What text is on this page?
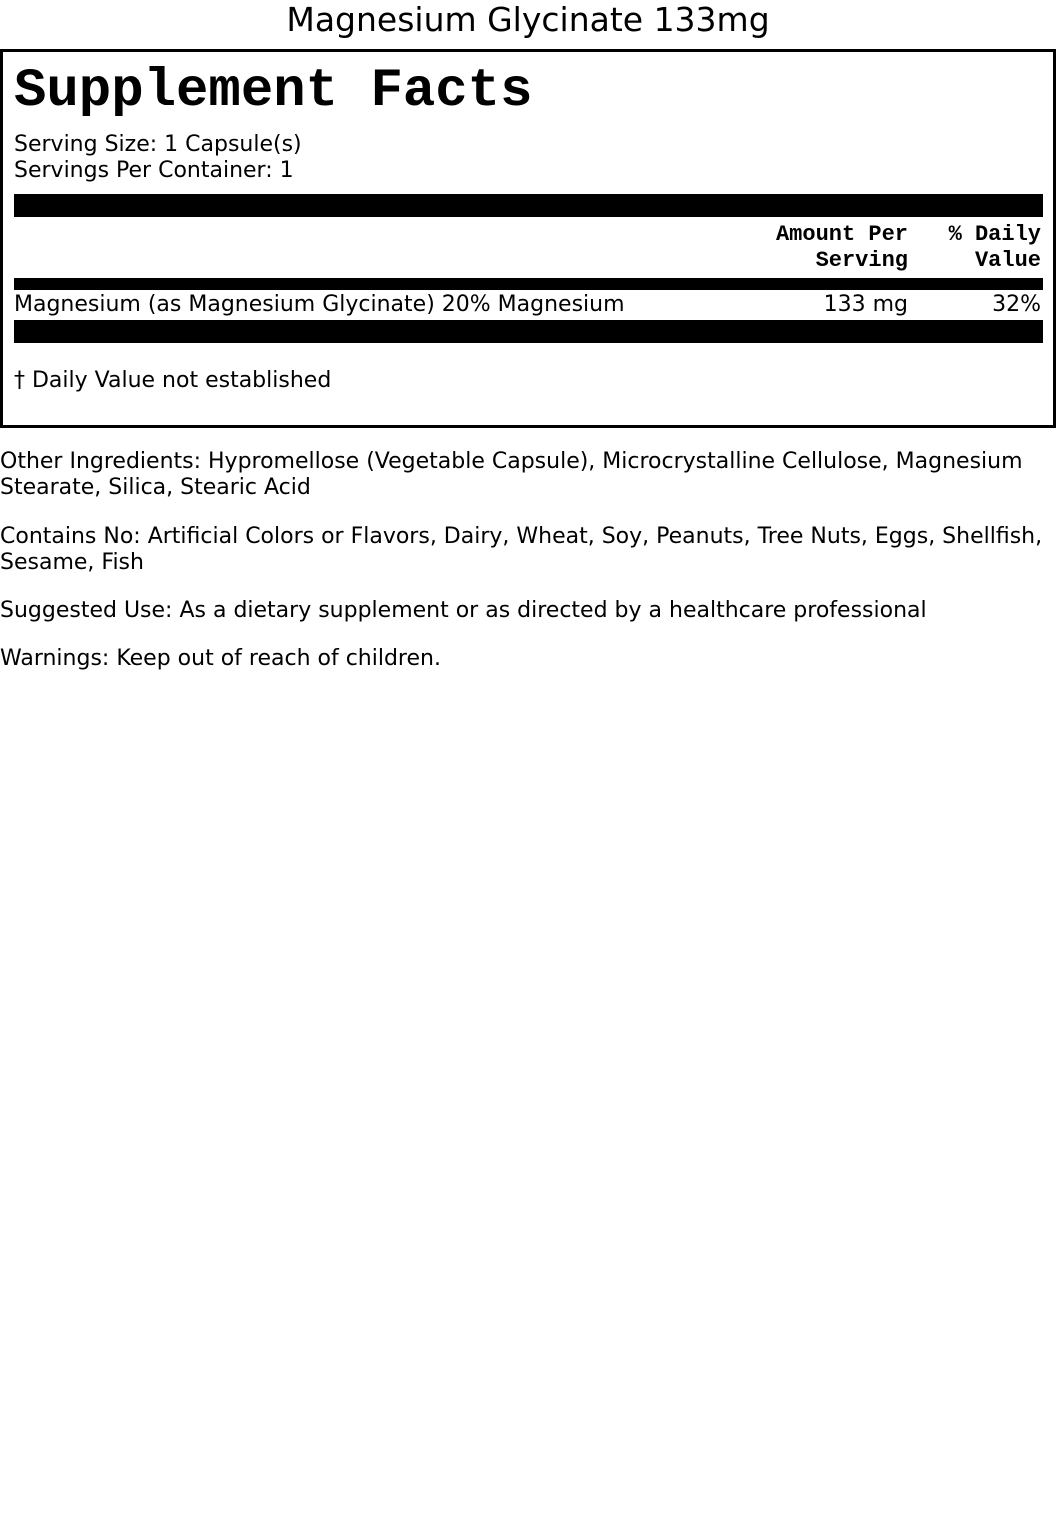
Magnesium Glycinate 133mg
Supplement Facts
Serving Size: 1 Capsule(s)
Servings Per Container: 1
Amount Per
Serving
% Daily
Value
Magnesium (as Magnesium Glycinate) 20% Magnesium	133 mg	32%
† Daily Value not established
Other Ingredients: Hypromellose (Vegetable Capsule), Microcrystalline Cellulose, Magnesium Stearate, Silica, Stearic Acid
Contains No: Artificial Colors or Flavors, Dairy, Wheat, Soy, Peanuts, Tree Nuts, Eggs, Shellfish, Sesame, Fish
Suggested Use: As a dietary supplement or as directed by a healthcare professional
Warnings: Keep out of reach of children.
